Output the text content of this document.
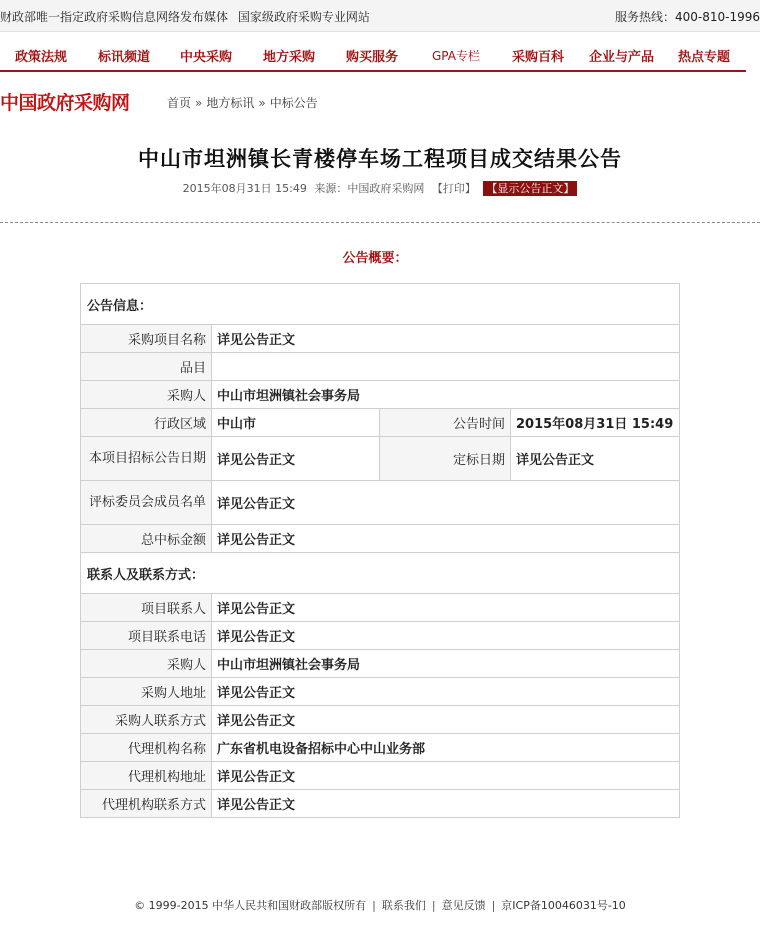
财政部唯一指定政府采购信息网络发布媒体 国家级政府采购专业网站	服务热线：400-810-1996
政策法规 标讯频道 中央采购 地方采购 购买服务	GPA专栏 采购百科 企业与产品 热点专题
中国政府采购网	首页 » 地方标讯 » 中标公告
中山市坦洲镇长青楼停车场工程项目成交结果公告
2015年08月31日 15:49 来源：中国政府采购网 【打印】 【显示公告正文】
公告概要：
公告信息：			
采购项目名称	详见公告正文		
品目			
采购人	中山市坦洲镇社会事务局		
行政区域	中山市	公告时间	2015年08月31日 15:49
本项目招标公告日期	详见公告正文	定标日期	详见公告正文
评标委员会成员名单	详见公告正文		
总中标金额	详见公告正文		
联系人及联系方式：			
项目联系人	详见公告正文		
项目联系电话	详见公告正文		
采购人	中山市坦洲镇社会事务局		
采购人地址	详见公告正文		
采购人联系方式	详见公告正文		
代理机构名称	广东省机电设备招标中心中山业务部		
代理机构地址	详见公告正文		
代理机构联系方式	详见公告正文		
© 1999-2015 中华人民共和国财政部版权所有 | 联系我们 | 意见反馈 | 京ICP备10046031号-10
